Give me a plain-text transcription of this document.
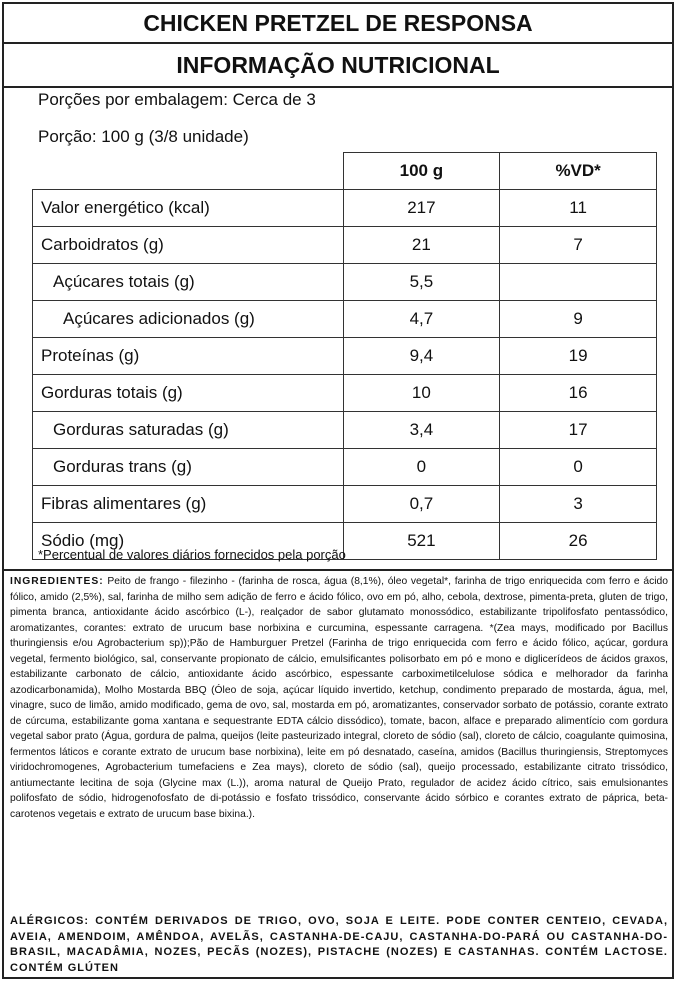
CHICKEN PRETZEL DE RESPONSA
INFORMAÇÃO NUTRICIONAL
Porções por embalagem: Cerca de 3
Porção: 100 g (3/8 unidade)
	100 g	%VD*
Valor energético (kcal)	217	11
Carboidratos (g)	21	7
Açúcares totais (g)	5,5	
Açúcares adicionados (g)	4,7	9
Proteínas (g)	9,4	19
Gorduras totais (g)	10	16
Gorduras saturadas (g)	3,4	17
Gorduras trans (g)	0	0
Fibras alimentares (g)	0,7	3
Sódio (mg)	521	26
*Percentual de valores diários fornecidos pela porção
INGREDIENTES: Peito de frango - filezinho - (farinha de rosca, água (8,1%), óleo vegetal*, farinha de trigo enriquecida com ferro e ácido fólico, amido (2,5%), sal, farinha de milho sem adição de ferro e ácido fólico, ovo em pó, alho, cebola, dextrose, pimenta-preta, gluten de trigo, pimenta branca, antioxidante ácido ascórbico (L-), realçador de sabor glutamato monossódico, estabilizante tripolifosfato pentassódico, aromatizantes, corantes: extrato de urucum base norbixina e curcumina, espessante carragena. *(Zea mays, modificado por Bacillus thuringiensis e/ou Agrobacterium sp));Pão de Hamburguer Pretzel (Farinha de trigo enriquecida com ferro e ácido fólico, açúcar, gordura vegetal, fermento biológico, sal, conservante propionato de cálcio, emulsificantes polisorbato em pó e mono e diglicerídeos de ácidos graxos, estabilizante carbonato de cálcio, antioxidante ácido ascórbico, espessante carboximetilcelulose sódica e melhorador da farinha azodicarbonamida), Molho Mostarda BBQ (Óleo de soja, açúcar líquido invertido, ketchup, condimento preparado de mostarda, água, mel, vinagre, suco de limão, amido modificado, gema de ovo, sal, mostarda em pó, aromatizantes, conservador sorbato de potássio, corante extrato de cúrcuma, estabilizante goma xantana e sequestrante EDTA cálcio dissódico), tomate, bacon, alface e preparado alimentício com gordura vegetal sabor prato (Água, gordura de palma, queijos (leite pasteurizado integral, cloreto de sódio (sal), cloreto de cálcio, coagulante quimosina, fermentos láticos e corante extrato de urucum base norbixina), leite em pó desnatado, caseína, amidos (Bacillus thuringiensis, Streptomyces viridochromogenes, Agrobacterium tumefaciens e Zea mays), cloreto de sódio (sal), queijo processado, estabilizante citrato trissódico, antiumectante lecitina de soja (Glycine max (L.)), aroma natural de Queijo Prato, regulador de acidez ácido cítrico, sais emulsionantes polifosfato de sódio, hidrogenofosfato de di-potássio e fosfato trissódico, conservante ácido sórbico e corantes extrato de páprica, beta-carotenos vegetais e extrato de urucum base bixina.).
ALÉRGICOS: CONTÉM DERIVADOS DE TRIGO, OVO, SOJA E LEITE. PODE CONTER CENTEIO, CEVADA, AVEIA, AMENDOIM, AMÊNDOA, AVELÃS, CASTANHA-DE-CAJU, CASTANHA-DO-PARÁ OU CASTANHA-DO-BRASIL, MACADÂMIA, NOZES, PECÃS (NOZES), PISTACHE (NOZES) E CASTANHAS. CONTÉM LACTOSE. CONTÉM GLÚTEN
